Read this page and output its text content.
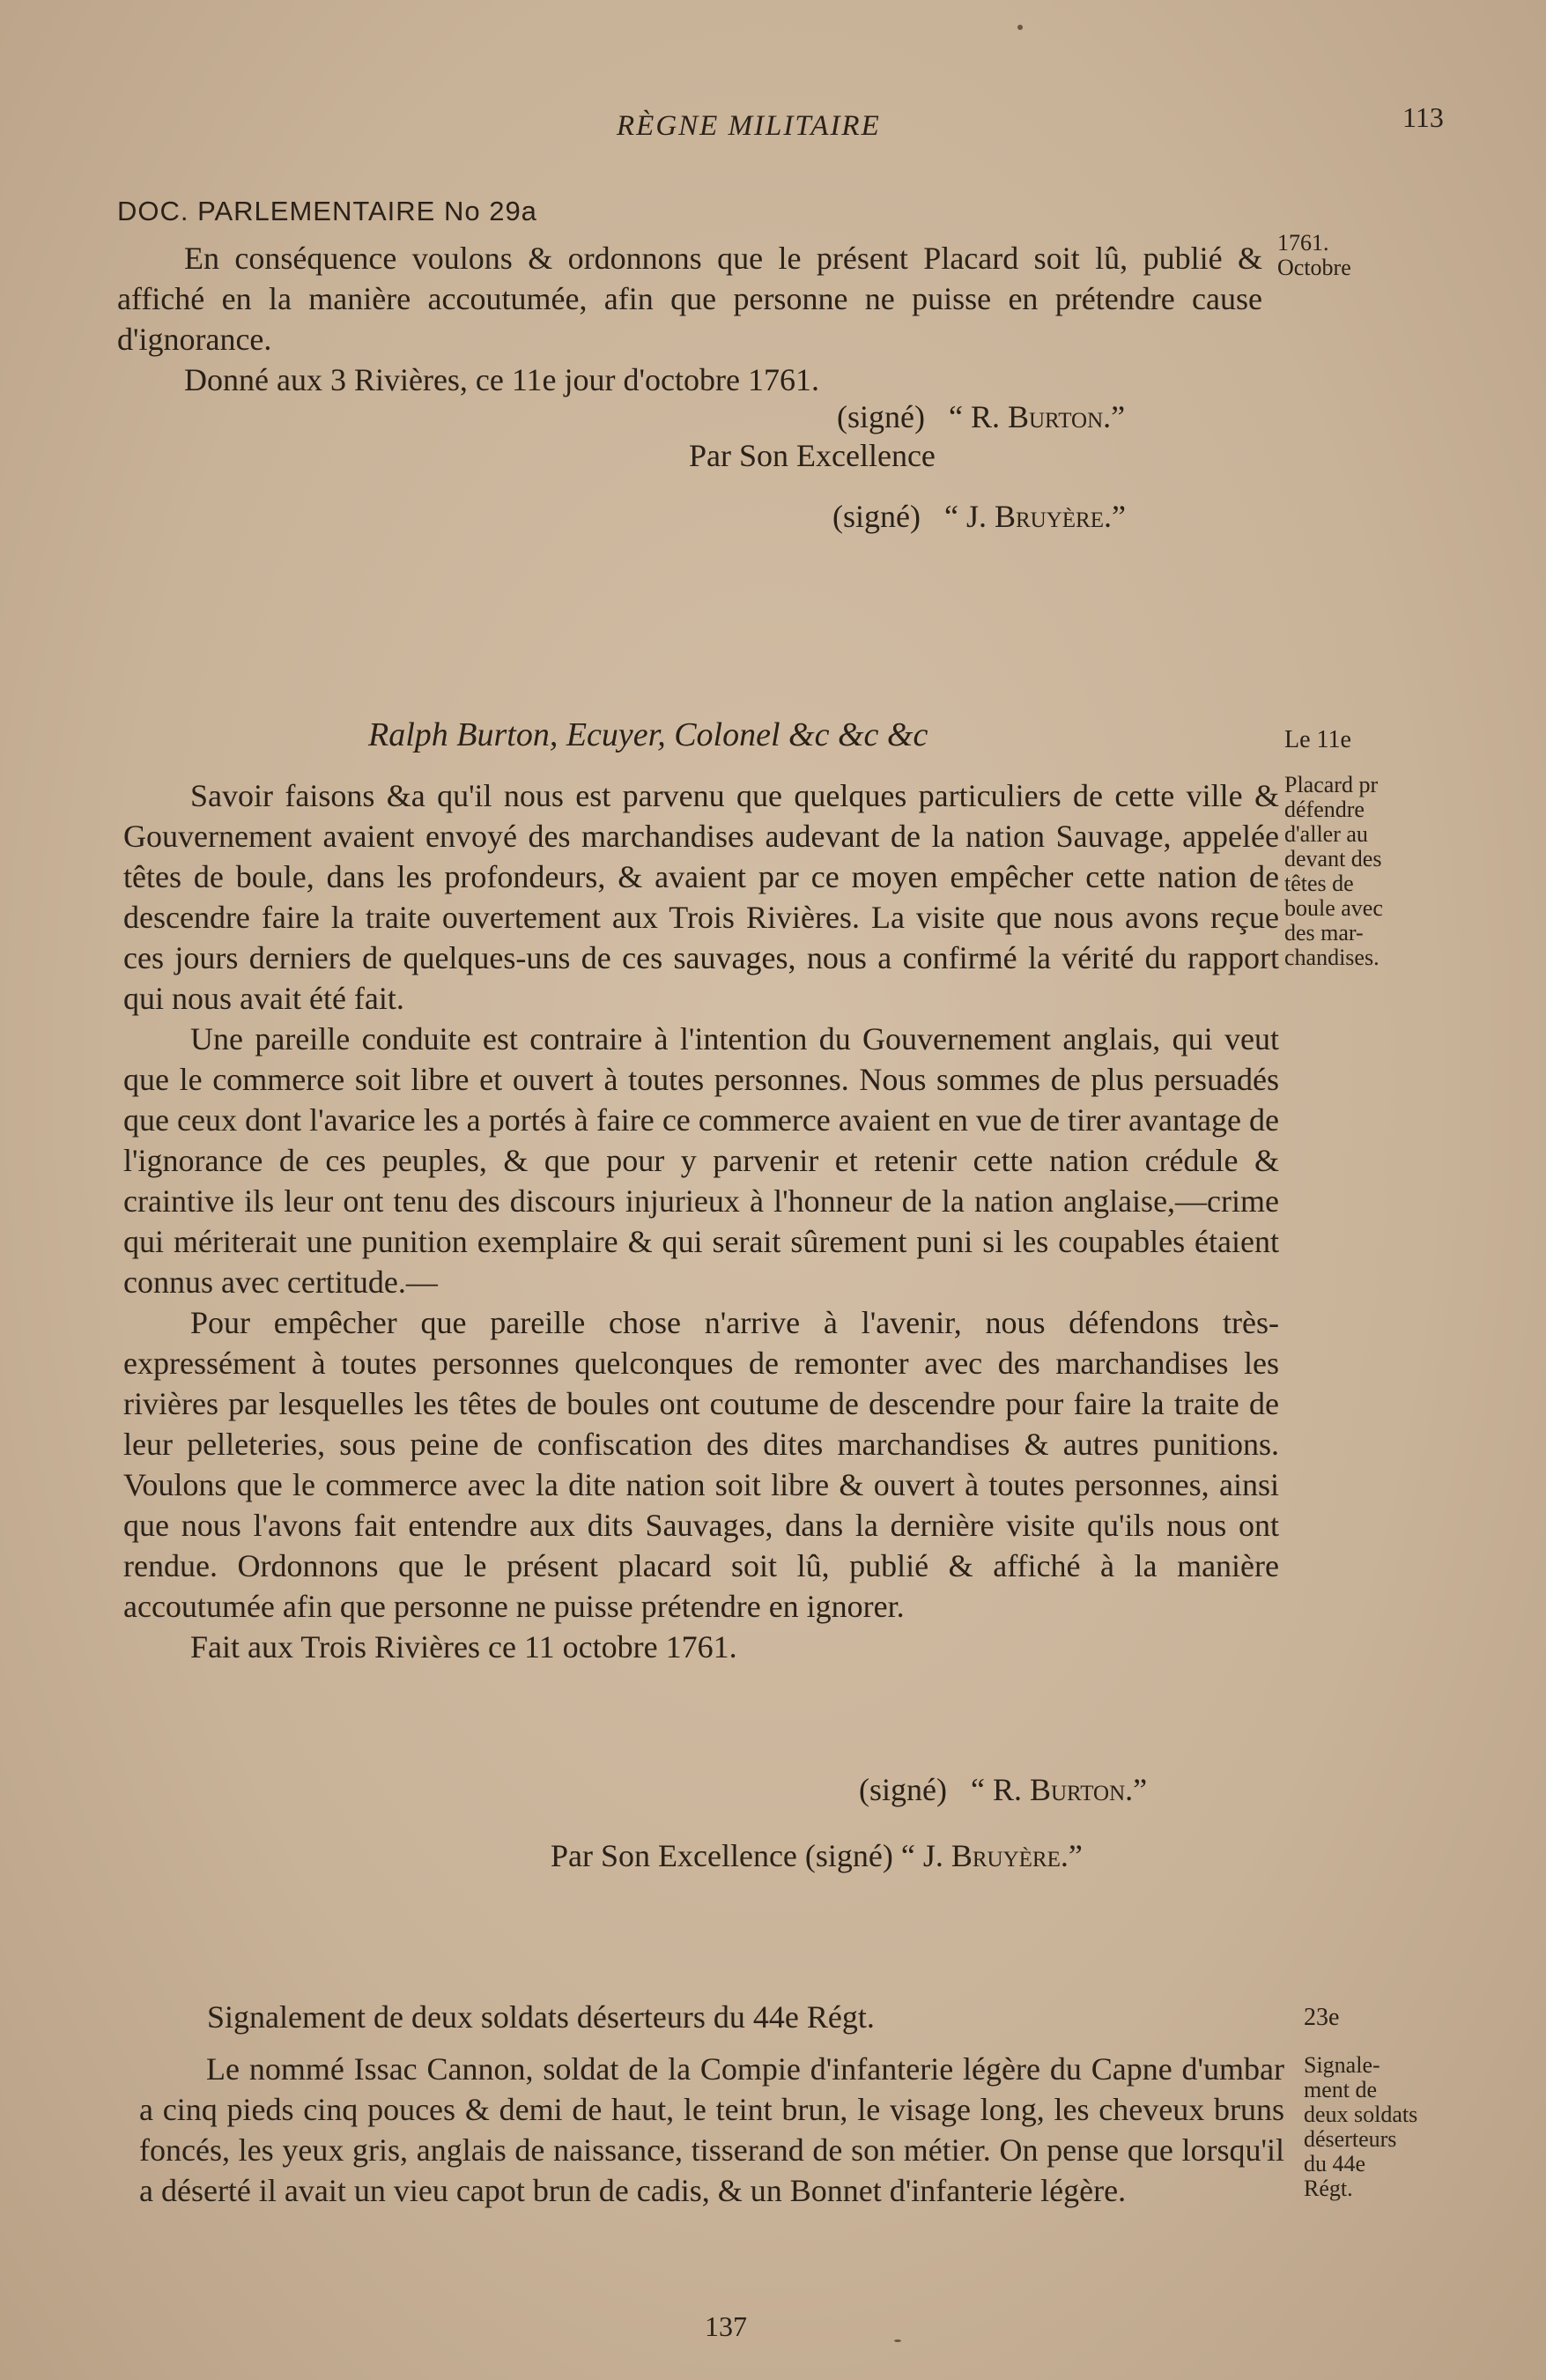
RÈGNE MILITAIRE	113
DOC. PARLEMENTAIRE No 29a

En conséquence voulons & ordonnons que le présent Placard soit lû, publié & affiché en la manière accoutumée, afin que personne ne puisse en prétendre cause d'ignorance.

Donné aux 3 Rivières, ce 11e jour d'octobre 1761.

1761.
Octobre
(signé) “ R. Burton.”
Par Son Excellence
(signé) “ J. Bruyère.”
Ralph Burton, Ecuyer, Colonel &c &c &c	Le 11e
Placard pr
défendre
d'aller au
devant des
têtes de
boule avec
des mar-
chandises.

Savoir faisons &a qu'il nous est parvenu que quelques particuliers de cette ville & Gouvernement avaient envoyé des marchandises audevant de la nation Sauvage, appelée têtes de boule, dans les profondeurs, & avaient par ce moyen empêcher cette nation de descendre faire la traite ouvertement aux Trois Rivières. La visite que nous avons reçue ces jours derniers de quelques-uns de ces sauvages, nous a confirmé la vérité du rapport qui nous avait été fait.

Une pareille conduite est contraire à l'intention du Gouvernement anglais, qui veut que le commerce soit libre et ouvert à toutes personnes. Nous sommes de plus persuadés que ceux dont l'avarice les a portés à faire ce commerce avaient en vue de tirer avantage de l'ignorance de ces peuples, & que pour y parvenir et retenir cette nation crédule & craintive ils leur ont tenu des discours injurieux à l'honneur de la nation anglaise,—crime qui mériterait une punition exemplaire & qui serait sûrement puni si les coupables étaient connus avec certitude.—

Pour empêcher que pareille chose n'arrive à l'avenir, nous défendons très-expressément à toutes personnes quelconques de remonter avec des marchandises les rivières par lesquelles les têtes de boules ont coutume de descendre pour faire la traite de leur pelleteries, sous peine de confiscation des dites marchandises & autres punitions. Voulons que le commerce avec la dite nation soit libre & ouvert à toutes personnes, ainsi que nous l'avons fait entendre aux dits Sauvages, dans la dernière visite qu'ils nous ont rendue. Ordonnons que le présent placard soit lû, publié & affiché à la manière accoutumée afin que personne ne puisse prétendre en ignorer.

Fait aux Trois Rivières ce 11 octobre 1761.

(signé) “ R. Burton.”
Par Son Excellence (signé) “ J. Bruyère.”
Signalement de deux soldats déserteurs du 44e Régt.	23e
Signale-
ment de
deux soldats
déserteurs
du 44e
Régt.

Le nommé Issac Cannon, soldat de la Compie d'infanterie légère du Capne d'umbar a cinq pieds cinq pouces & demi de haut, le teint brun, le visage long, les cheveux bruns foncés, les yeux gris, anglais de naissance, tisserand de son métier. On pense que lorsqu'il a déserté il avait un vieu capot brun de cadis, & un Bonnet d'infanterie légère.

137
